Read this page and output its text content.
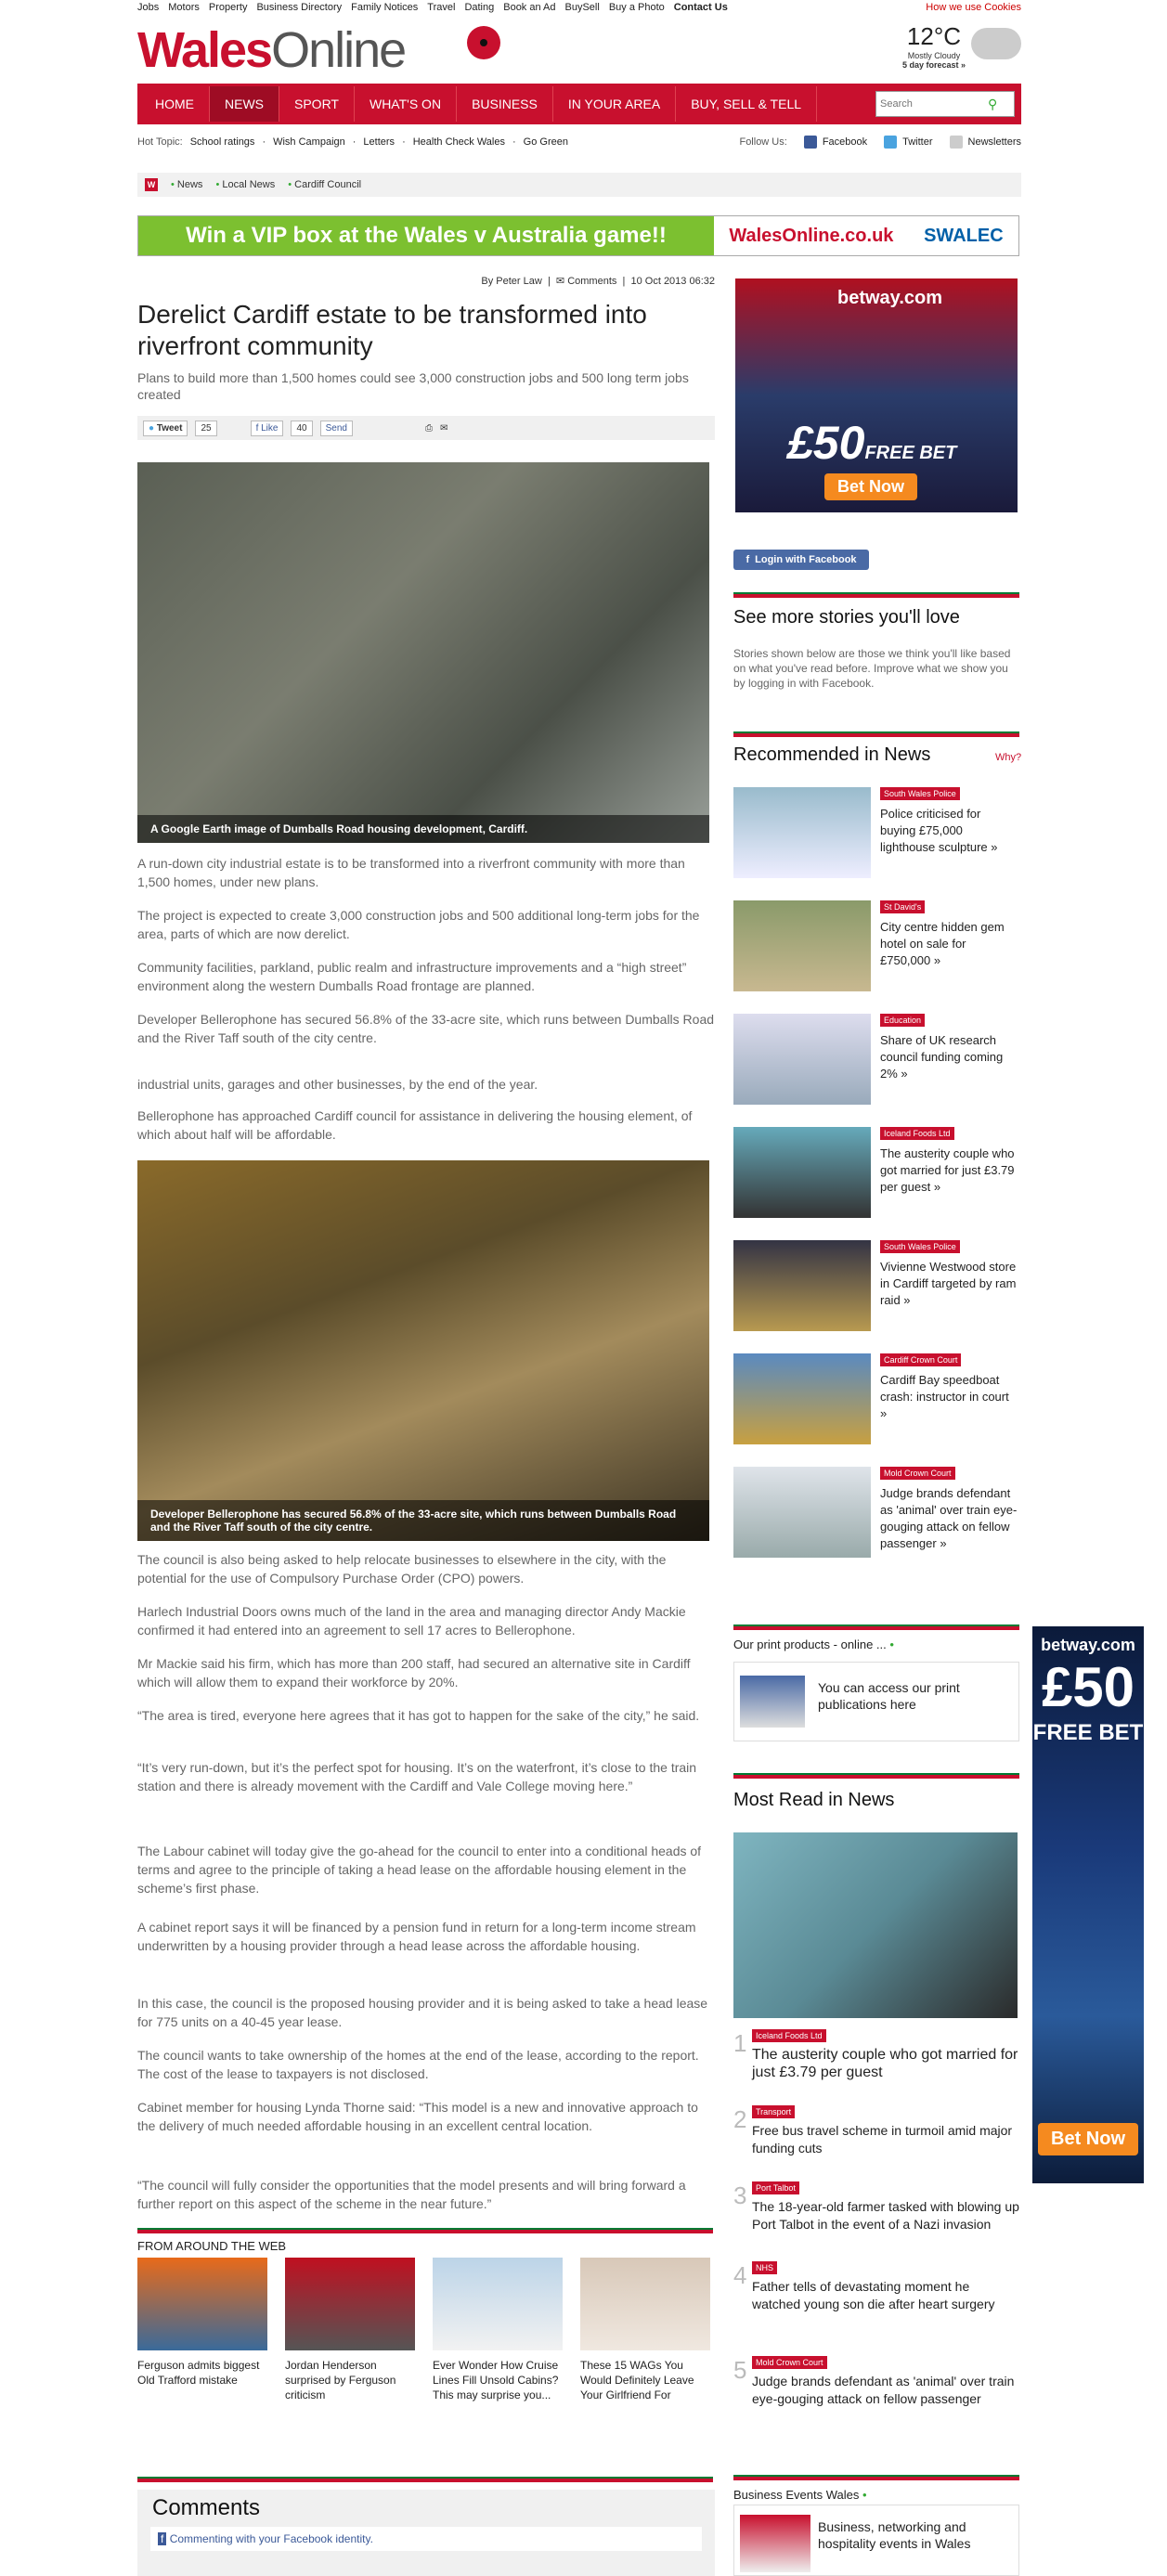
Jobs Motors Property Business Directory Family Notices Travel Dating Book an Ad BuySell Buy a Photo Contact Us	How we use Cookies
WalesOnline	12°C
Mostly Cloudy
5 day forecast »
HOME	NEWS	SPORT	WHAT'S ON	BUSINESS	IN YOUR AREA	BUY, SELL & TELL
Search	⚲
Hot Topic: School ratings · Wish Campaign · Letters · Health Check Wales · Go Green	Follow Us:	Facebook	Twitter	Newsletters
W • News • Local News • Cardiff Council
Win a VIP box at the Wales v Australia game!!	WalesOnline.co.uk SWALEC
By Peter Law  |  ✉ Comments  |  10 Oct 2013 06:32
Derelict Cardiff estate to be transformed into riverfront community
Plans to build more than 1,500 homes could see 3,000 construction jobs and 500 long term jobs created
● Tweet	25	f Like	40	Send	⎙ ✉
A Google Earth image of Dumballs Road housing development, Cardiff.

A run-down city industrial estate is to be transformed into a riverfront community with more than 1,500 homes, under new plans.

The project is expected to create 3,000 construction jobs and 500 additional long-term jobs for the area, parts of which are now derelict.

Community facilities, parkland, public realm and infrastructure improvements and a “high street” environment along the western Dumballs Road frontage are planned.

Developer Bellerophone has secured 56.8% of the 33-acre site, which runs between Dumballs Road and the River Taff south of the city centre.

industrial units, garages and other businesses, by the end of the year.

Bellerophone has approached Cardiff council for assistance in delivering the housing element, of which about half will be affordable.

Developer Bellerophone has secured 56.8% of the 33-acre site, which runs between Dumballs Road and the River Taff south of the city centre.

The council is also being asked to help relocate businesses to elsewhere in the city, with the potential for the use of Compulsory Purchase Order (CPO) powers.

Harlech Industrial Doors owns much of the land in the area and managing director Andy Mackie confirmed it had entered into an agreement to sell 17 acres to Bellerophone.

Mr Mackie said his firm, which has more than 200 staff, had secured an alternative site in Cardiff which will allow them to expand their workforce by 20%.

“The area is tired, everyone here agrees that it has got to happen for the sake of the city,” he said.

“It’s very run-down, but it’s the perfect spot for housing. It’s on the waterfront, it’s close to the train station and there is already movement with the Cardiff and Vale College moving here.”

The Labour cabinet will today give the go-ahead for the council to enter into a conditional heads of terms and agree to the principle of taking a head lease on the affordable housing element in the scheme’s first phase.

A cabinet report says it will be financed by a pension fund in return for a long-term income stream underwritten by a housing provider through a head lease across the affordable housing.

In this case, the council is the proposed housing provider and it is being asked to take a head lease for 775 units on a 40-45 year lease.

The council wants to take ownership of the homes at the end of the lease, according to the report. The cost of the lease to taxpayers is not disclosed.

Cabinet member for housing Lynda Thorne said: “This model is a new and innovative approach to the delivery of much needed affordable housing in an excellent central location.

“The council will fully consider the opportunities that the model presents and will bring forward a further report on this aspect of the scheme in the near future.”

FROM AROUND THE WEB
Ferguson admits biggest Old Trafford mistake
Jordan Henderson surprised by Ferguson criticism
Ever Wonder How Cruise Lines Fill Unsold Cabins? This may surprise you...
These 15 WAGs You Would Definitely Leave Your Girlfriend For
Comments
f Commenting with your Facebook identity.
betway.com
£50FREE BET
Bet Now
f Login with Facebook
See more stories you'll love
Stories shown below are those we think you'll like based on what you've read before. Improve what we show you by logging in with Facebook.
Recommended in News	Why?
South Wales Police
Police criticised for buying £75,000 lighthouse sculpture »
St David's
City centre hidden gem hotel on sale for £750,000 »
Education
Share of UK research council funding coming 2% »
Iceland Foods Ltd
The austerity couple who got married for just £3.79 per guest »
South Wales Police
Vivienne Westwood store in Cardiff targeted by ram raid »
Cardiff Crown Court
Cardiff Bay speedboat crash: instructor in court »
Mold Crown Court
Judge brands defendant as 'animal' over train eye-gouging attack on fellow passenger »
Our print products - online ... •
You can access our print publications here
betway.com
£50
FREE BET
Bet Now
Most Read in News
1	Iceland Foods Ltd
The austerity couple who got married for just £3.79 per guest
2	Transport
Free bus travel scheme in turmoil amid major funding cuts
3	Port Talbot
The 18-year-old farmer tasked with blowing up Port Talbot in the event of a Nazi invasion
4	NHS
Father tells of devastating moment he watched young son die after heart surgery
5	Mold Crown Court
Judge brands defendant as 'animal' over train eye-gouging attack on fellow passenger
Business Events Wales •
Business, networking and hospitality events in Wales
